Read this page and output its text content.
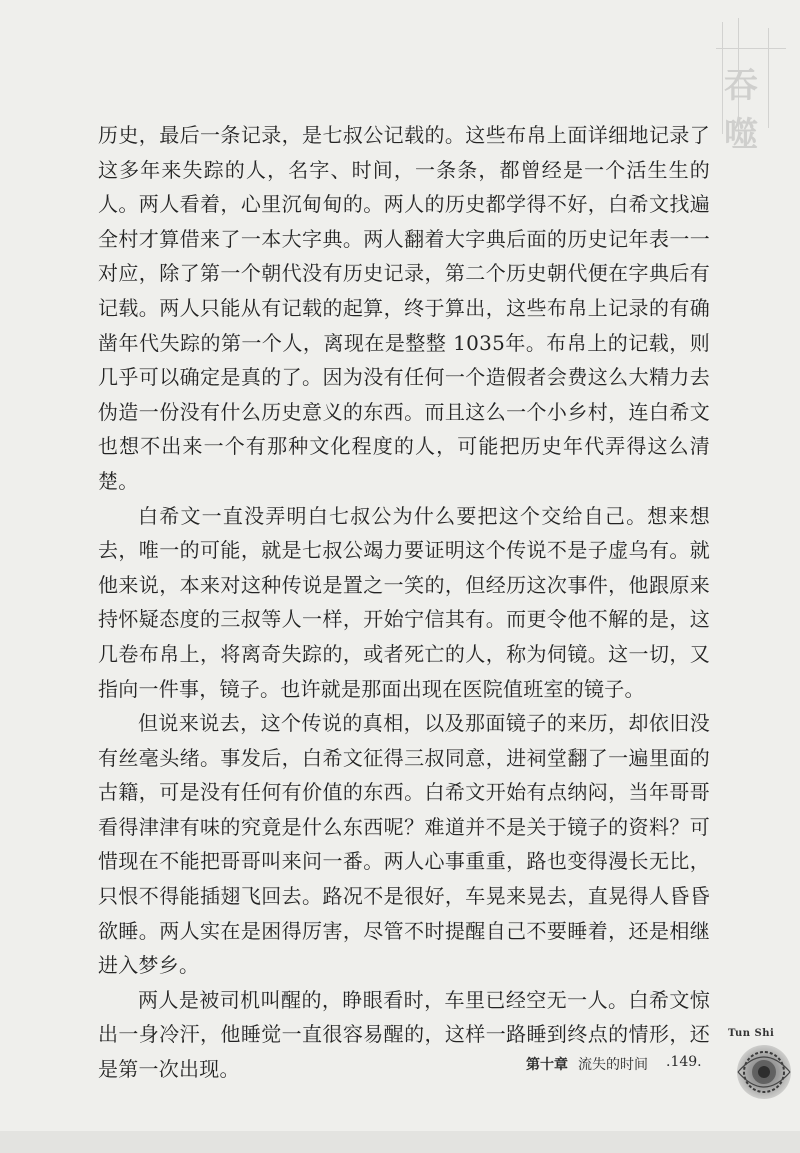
吞噬

历史，最后一条记录，是七叔公记载的。这些布帛上面详细地记录了这多年来失踪的人，名字、时间，一条条，都曾经是一个活生生的人。两人看着，心里沉甸甸的。两人的历史都学得不好，白希文找遍全村才算借来了一本大字典。两人翻着大字典后面的历史记年表一一对应，除了第一个朝代没有历史记录，第二个历史朝代便在字典后有记载。两人只能从有记载的起算，终于算出，这些布帛上记录的有确凿年代失踪的第一个人，离现在是整整 1035年。布帛上的记载，则几乎可以确定是真的了。因为没有任何一个造假者会费这么大精力去伪造一份没有什么历史意义的东西。而且这么一个小乡村，连白希文也想不出来一个有那种文化程度的人，可能把历史年代弄得这么清楚。

白希文一直没弄明白七叔公为什么要把这个交给自己。想来想去，唯一的可能，就是七叔公竭力要证明这个传说不是子虚乌有。就他来说，本来对这种传说是置之一笑的，但经历这次事件，他跟原来持怀疑态度的三叔等人一样，开始宁信其有。而更令他不解的是，这几卷布帛上，将离奇失踪的，或者死亡的人，称为伺镜。这一切，又指向一件事，镜子。也许就是那面出现在医院值班室的镜子。

但说来说去，这个传说的真相，以及那面镜子的来历，却依旧没有丝毫头绪。事发后，白希文征得三叔同意，进祠堂翻了一遍里面的古籍，可是没有任何有价值的东西。白希文开始有点纳闷，当年哥哥看得津津有味的究竟是什么东西呢？难道并不是关于镜子的资料？可惜现在不能把哥哥叫来问一番。两人心事重重，路也变得漫长无比，只恨不得能插翅飞回去。路况不是很好，车晃来晃去，直晃得人昏昏欲睡。两人实在是困得厉害，尽管不时提醒自己不要睡着，还是相继进入梦乡。

两人是被司机叫醒的，睁眼看时，车里已经空无一人。白希文惊出一身冷汗，他睡觉一直很容易醒的，这样一路睡到终点的情形，还是第一次出现。	第十章 流失的时间 .149.
Tun Shi
